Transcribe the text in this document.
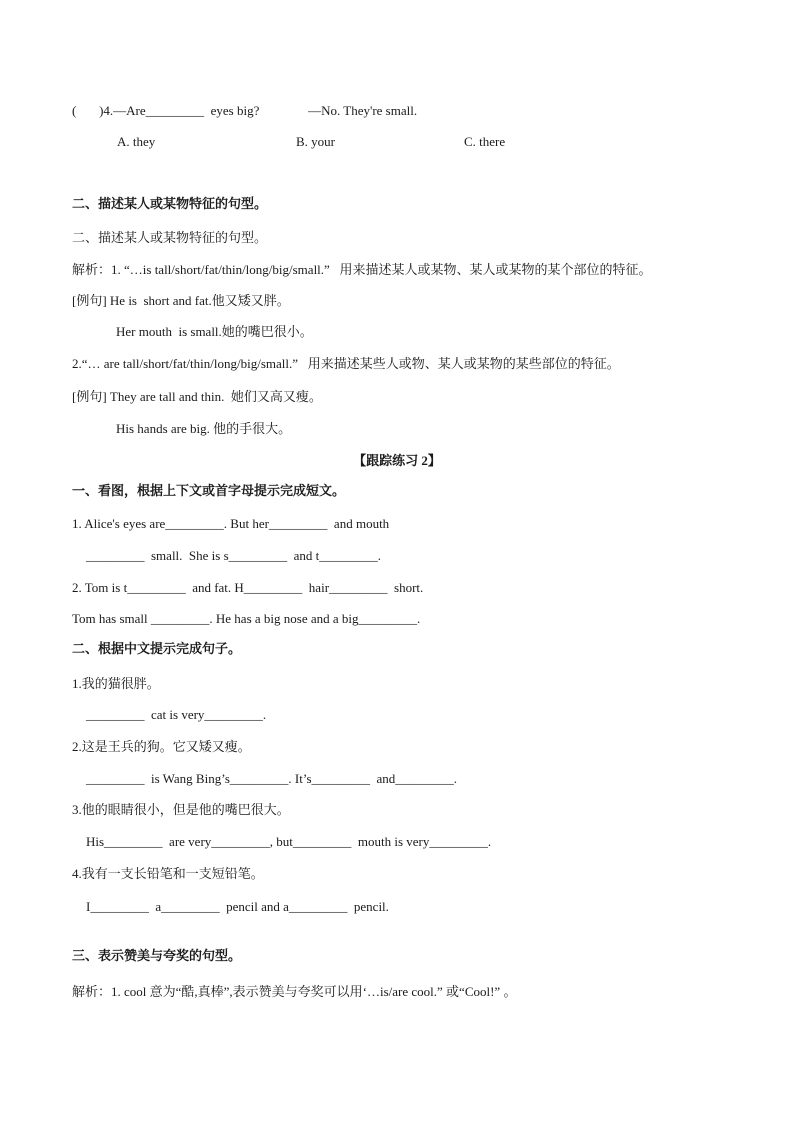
(       )4.—Are_________  eyes big?               —No. They're small.
A. they	B. your	C. there
二、描述某人或某物特征的句型。
二、描述某人或某物特征的句型。
解析：1. “…is tall/short/fat/thin/long/big/small.”   用来描述某人或某物、某人或某物的某个部位的特征。
[例句] He is  short and fat.他又矮又胖。
Her mouth  is small.她的嘴巴很小。
2.“… are tall/short/fat/thin/long/big/small.”   用来描述某些人或物、某人或某物的某些部位的特征。
[例句] They are tall and thin.  她们又高又瘦。
His hands are big. 他的手很大。
【跟踪练习 2】
一、看图，根据上下文或首字母提示完成短文。
1. Alice's eyes are_________. But her_________  and mouth
_________  small.  She is s_________  and t_________.
2. Tom is t_________  and fat. H_________  hair_________  short.
Tom has small _________. He has a big nose and a big_________.
二、根据中文提示完成句子。
1.我的猫很胖。
_________  cat is very_________.
2.这是王兵的狗。它又矮又瘦。
_________  is Wang Bing’s_________. It’s_________  and_________.
3.他的眼睛很小，但是他的嘴巴很大。
His_________  are very_________, but_________  mouth is very_________.
4.我有一支长铅笔和一支短铅笔。
I_________  a_________  pencil and a_________  pencil.
三、表示赞美与夸奖的句型。
解析：1. cool 意为“酷,真棒”,表示赞美与夸奖可以用‘…is/are cool.” 或“Cool!” 。
